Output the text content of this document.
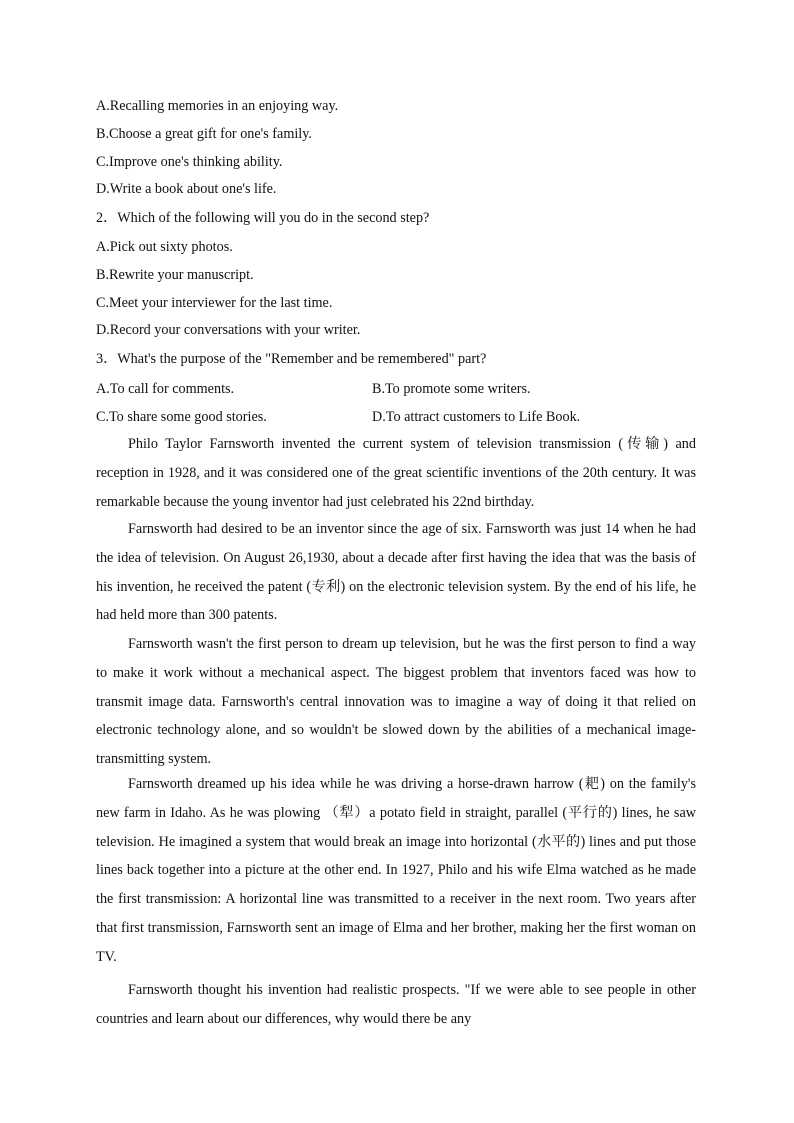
A.Recalling memories in an enjoying way.
B.Choose a great gift for one's family.
C.Improve one's thinking ability.
D.Write a book about one's life.
2．Which of the following will you do in the second step?
A.Pick out sixty photos.
B.Rewrite your manuscript.
C.Meet your interviewer for the last time.
D.Record your conversations with your writer.
3．What's the purpose of the "Remember and be remembered" part?
A.To call for comments.	B.To promote some writers.
C.To share some good stories.	D.To attract customers to Life Book.
Philo Taylor Farnsworth invented the current system of television transmission (传输) and reception in 1928, and it was considered one of the great scientific inventions of the 20th century. It was remarkable because the young inventor had just celebrated his 22nd birthday.
Farnsworth had desired to be an inventor since the age of six. Farnsworth was just 14 when he had the idea of television. On August 26,1930, about a decade after first having the idea that was the basis of his invention, he received the patent (专利) on the electronic television system. By the end of his life, he had held more than 300 patents.
Farnsworth wasn't the first person to dream up television, but he was the first person to find a way to make it work without a mechanical aspect. The biggest problem that inventors faced was how to transmit image data. Farnsworth's central innovation was to imagine a way of doing it that relied on electronic technology alone, and so wouldn't be slowed down by the abilities of a mechanical image-transmitting system.
Farnsworth dreamed up his idea while he was driving a horse-drawn harrow (耙) on the family's new farm in Idaho. As he was plowing （犁）a potato field in straight, parallel (平行的) lines, he saw television. He imagined a system that would break an image into horizontal (水平的) lines and put those lines back together into a picture at the other end. In 1927, Philo and his wife Elma watched as he made the first transmission: A horizontal line was transmitted to a receiver in the next room. Two years after that first transmission, Farnsworth sent an image of Elma and her brother, making her the first woman on TV.
Farnsworth thought his invention had realistic prospects. "If we were able to see people in other countries and learn about our differences, why would there be any
